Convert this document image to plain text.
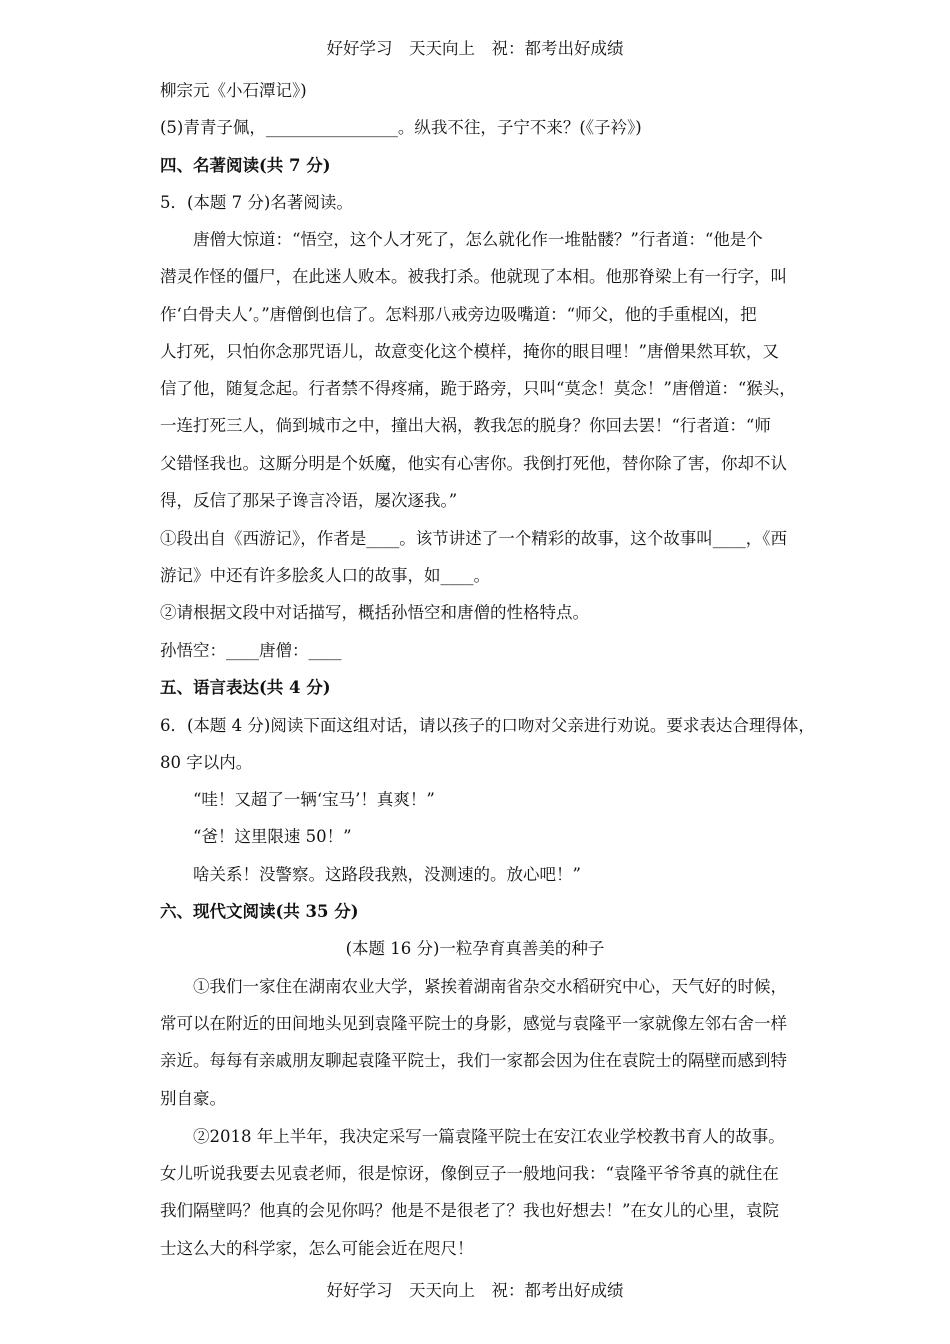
好好学习　天天向上　祝：都考出好成绩
柳宗元《小石潭记》)
(5)青青子佩，________________。纵我不往，子宁不来？(《子衿》)
四、名著阅读(共 7 分)
5．(本题 7 分)名著阅读。
　　唐僧大惊道：“悟空，这个人才死了，怎么就化作一堆骷髅？”行者道：“他是个
潜灵作怪的僵尸，在此迷人败本。被我打杀。他就现了本相。他那脊梁上有一行字，叫
作‘白骨夫人’。”唐僧倒也信了。怎料那八戒旁边吸嘴道：“师父，他的手重棍凶，把
人打死，只怕你念那咒语儿，故意变化这个模样，掩你的眼目哩！”唐僧果然耳软，又
信了他，随复念起。行者禁不得疼痛，跪于路旁，只叫“莫念！莫念！”唐僧道：“猴头，
一连打死三人，倘到城市之中，撞出大祸，教我怎的脱身？你回去罢！“行者道：“师
父错怪我也。这厮分明是个妖魔，他实有心害你。我倒打死他，替你除了害，你却不认
得，反信了那呆子谗言冷语，屡次逐我。”
①段出自《西游记》，作者是____。该节讲述了一个精彩的故事，这个故事叫____，《西
游记》中还有许多脍炙人口的故事，如____。
②请根据文段中对话描写，概括孙悟空和唐僧的性格特点。
孙悟空：____唐僧：____
五、语言表达(共 4 分)
6．(本题 4 分)阅读下面这组对话，请以孩子的口吻对父亲进行劝说。要求表达合理得体，
80 字以内。
　　“哇！又超了一辆‘宝马’！真爽！”
　　“爸！这里限速 50！”
　　啥关系！没警察。这路段我熟，没测速的。放心吧！”
六、现代文阅读(共 35 分)
(本题 16 分)一粒孕育真善美的种子
　　①我们一家住在湖南农业大学，紧挨着湖南省杂交水稻研究中心，天气好的时候，
常可以在附近的田间地头见到袁隆平院士的身影，感觉与袁隆平一家就像左邻右舍一样
亲近。每每有亲戚朋友聊起袁隆平院士，我们一家都会因为住在袁院士的隔壁而感到特
别自豪。
　　②2018 年上半年，我决定采写一篇袁隆平院士在安江农业学校教书育人的故事。
女儿听说我要去见袁老师，很是惊讶，像倒豆子一般地问我：“袁隆平爷爷真的就住在
我们隔壁吗？他真的会见你吗？他是不是很老了？我也好想去！”在女儿的心里，袁院
士这么大的科学家，怎么可能会近在咫尺！
好好学习　天天向上　祝：都考出好成绩
